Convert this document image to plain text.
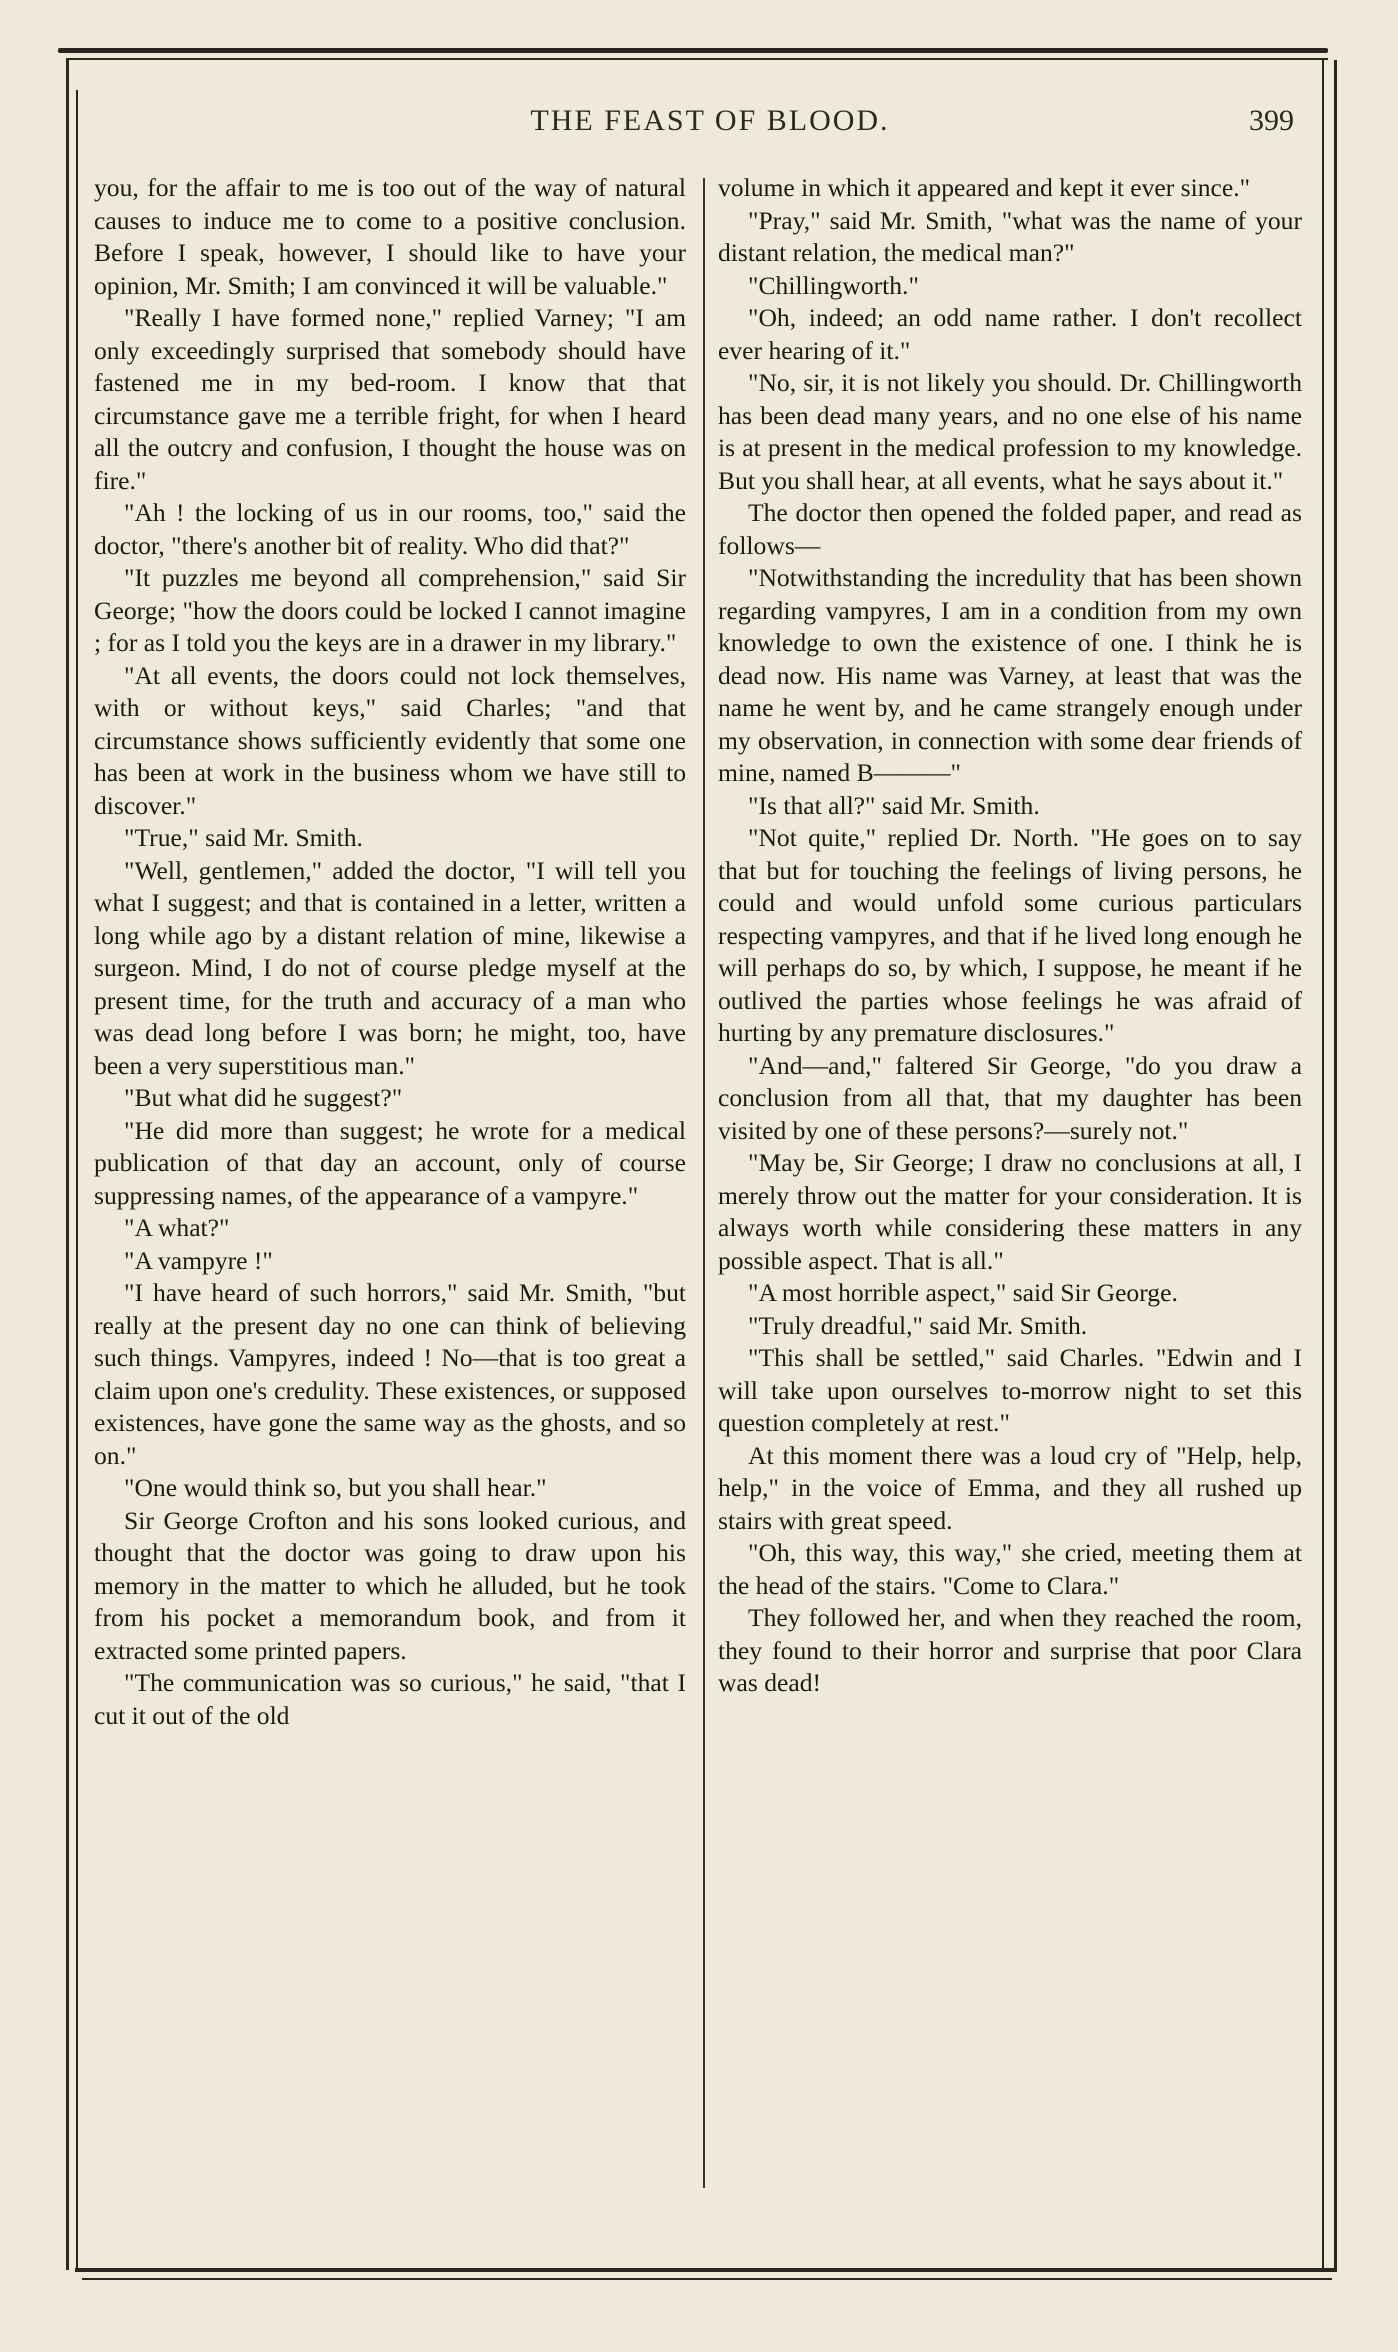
THE FEAST OF BLOOD.	399

you, for the affair to me is too out of the way of natural causes to induce me to come to a positive conclusion. Before I speak, however, I should like to have your opinion, Mr. Smith; I am convinced it will be valuable."

"Really I have formed none," replied Varney; "I am only exceedingly surprised that somebody should have fastened me in my bed-room. I know that that circumstance gave me a terrible fright, for when I heard all the outcry and confusion, I thought the house was on fire."

"Ah ! the locking of us in our rooms, too," said the doctor, "there's another bit of reality. Who did that?"

"It puzzles me beyond all comprehension," said Sir George; "how the doors could be locked I cannot imagine ; for as I told you the keys are in a drawer in my library."

"At all events, the doors could not lock themselves, with or without keys," said Charles; "and that circumstance shows sufficiently evidently that some one has been at work in the business whom we have still to discover."

"True," said Mr. Smith.

"Well, gentlemen," added the doctor, "I will tell you what I suggest; and that is contained in a letter, written a long while ago by a distant relation of mine, likewise a surgeon. Mind, I do not of course pledge myself at the present time, for the truth and accuracy of a man who was dead long before I was born; he might, too, have been a very superstitious man."

"But what did he suggest?"

"He did more than suggest; he wrote for a medical publication of that day an account, only of course suppressing names, of the appearance of a vampyre."

"A what?"

"A vampyre !"

"I have heard of such horrors," said Mr. Smith, "but really at the present day no one can think of believing such things. Vampyres, indeed ! No—that is too great a claim upon one's credulity. These existences, or supposed existences, have gone the same way as the ghosts, and so on."

"One would think so, but you shall hear."

Sir George Crofton and his sons looked curious, and thought that the doctor was going to draw upon his memory in the matter to which he alluded, but he took from his pocket a memorandum book, and from it extracted some printed papers.

"The communication was so curious," he said, "that I cut it out of the old

volume in which it appeared and kept it ever since."

"Pray," said Mr. Smith, "what was the name of your distant relation, the medical man?"

"Chillingworth."

"Oh, indeed; an odd name rather. I don't recollect ever hearing of it."

"No, sir, it is not likely you should. Dr. Chillingworth has been dead many years, and no one else of his name is at present in the medical profession to my knowledge. But you shall hear, at all events, what he says about it."

The doctor then opened the folded paper, and read as follows—

"Notwithstanding the incredulity that has been shown regarding vampyres, I am in a condition from my own knowledge to own the existence of one. I think he is dead now. His name was Varney, at least that was the name he went by, and he came strangely enough under my observation, in connection with some dear friends of mine, named B———"

"Is that all?" said Mr. Smith.

"Not quite," replied Dr. North. "He goes on to say that but for touching the feelings of living persons, he could and would unfold some curious particulars respecting vampyres, and that if he lived long enough he will perhaps do so, by which, I suppose, he meant if he outlived the parties whose feelings he was afraid of hurting by any premature disclosures."

"And—and," faltered Sir George, "do you draw a conclusion from all that, that my daughter has been visited by one of these persons?—surely not."

"May be, Sir George; I draw no conclusions at all, I merely throw out the matter for your consideration. It is always worth while considering these matters in any possible aspect. That is all."

"A most horrible aspect," said Sir George.

"Truly dreadful," said Mr. Smith.

"This shall be settled," said Charles. "Edwin and I will take upon ourselves to-morrow night to set this question completely at rest."

At this moment there was a loud cry of "Help, help, help," in the voice of Emma, and they all rushed up stairs with great speed.

"Oh, this way, this way," she cried, meeting them at the head of the stairs. "Come to Clara."

They followed her, and when they reached the room, they found to their horror and surprise that poor Clara was dead!
